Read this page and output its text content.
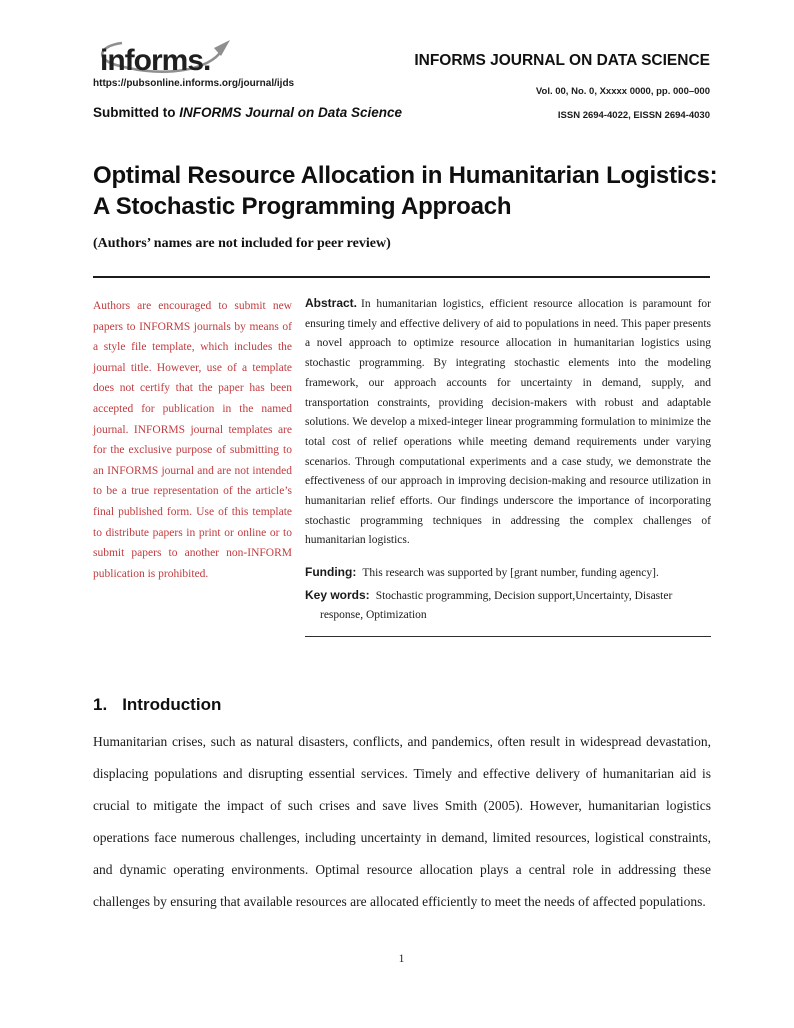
informs.
https://pubsonline.informs.org/journal/ijds
INFORMS JOURNAL ON DATA SCIENCE
Vol. 00, No. 0, Xxxxx 0000, pp. 000–000
ISSN 2694-4022, EISSN 2694-4030
Submitted to INFORMS Journal on Data Science
Optimal Resource Allocation in Humanitarian Logistics: A Stochastic Programming Approach
(Authors’ names are not included for peer review)
Authors are encouraged to submit new papers to INFORMS journals by means of a style file template, which includes the journal title. However, use of a template does not certify that the paper has been accepted for publication in the named journal. INFORMS journal templates are for the exclusive purpose of submitting to an INFORMS journal and are not intended to be a true representation of the article’s final published form. Use of this template to distribute papers in print or online or to submit papers to another non-INFORM publication is prohibited.

Abstract. In humanitarian logistics, efficient resource allocation is paramount for ensuring timely and effective delivery of aid to populations in need. This paper presents a novel approach to optimize resource allocation in humanitarian logistics using stochastic programming. By integrating stochastic elements into the modeling framework, our approach accounts for uncertainty in demand, supply, and transportation constraints, providing decision-makers with robust and adaptable solutions. We develop a mixed-integer linear programming formulation to minimize the total cost of relief operations while meeting demand requirements under varying scenarios. Through computational experiments and a case study, we demonstrate the effectiveness of our approach in improving decision-making and resource utilization in humanitarian relief efforts. Our findings underscore the importance of incorporating stochastic programming techniques in addressing the complex challenges of humanitarian logistics.

Funding: This research was supported by [grant number, funding agency].

Key words: Stochastic programming, Decision support,Uncertainty, Disaster response, Optimization

1. Introduction

Humanitarian crises, such as natural disasters, conflicts, and pandemics, often result in widespread devastation, displacing populations and disrupting essential services. Timely and effective delivery of humanitarian aid is crucial to mitigate the impact of such crises and save lives Smith (2005). However, humanitarian logistics operations face numerous challenges, including uncertainty in demand, limited resources, logistical constraints, and dynamic operating environments. Optimal resource allocation plays a central role in addressing these challenges by ensuring that available resources are allocated efficiently to meet the needs of affected populations.

1
